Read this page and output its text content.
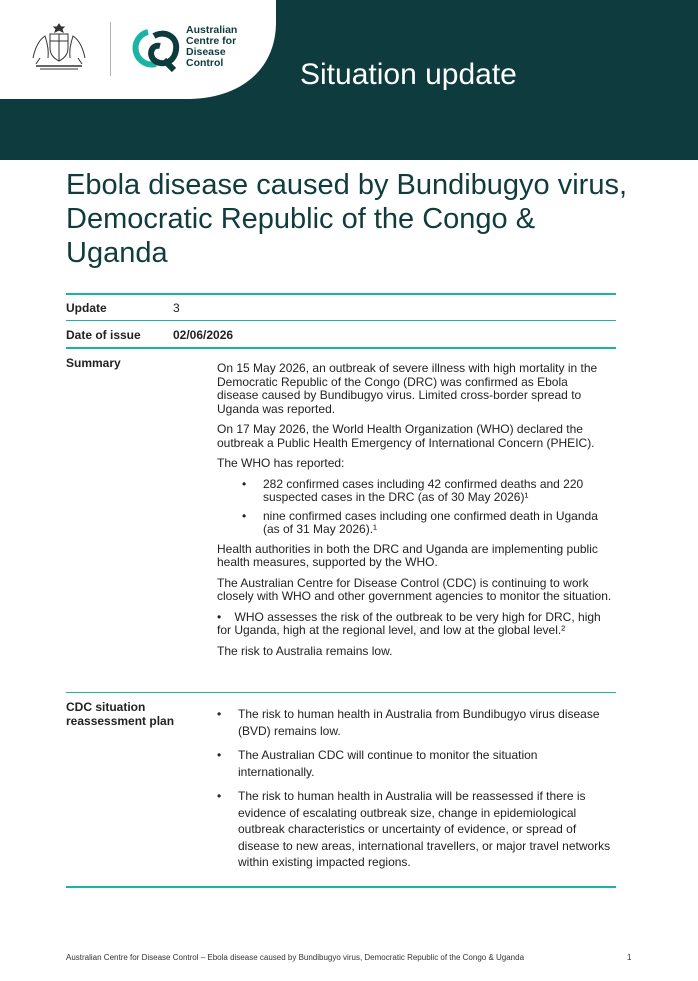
Australian
Centre for
Disease
Control	Situation update
Ebola disease caused by Bundibugyo virus, Democratic Republic of the Congo & Uganda
Update	3
Date of issue	02/06/2026
Summary	On 15 May 2026, an outbreak of severe illness with high mortality in the Democratic Republic of the Congo (DRC) was confirmed as Ebola disease caused by Bundibugyo virus. Limited cross-border spread to Uganda was reported.

On 17 May 2026, the World Health Organization (WHO) declared the outbreak a Public Health Emergency of International Concern (PHEIC).

The WHO has reported:

• 282 confirmed cases including 42 confirmed deaths and 220 suspected cases in the DRC (as of 30 May 2026)¹
• nine confirmed cases including one confirmed death in Uganda (as of 31 May 2026).¹

Health authorities in both the DRC and Uganda are implementing public health measures, supported by the WHO.

The Australian Centre for Disease Control (CDC) is continuing to work closely with WHO and other government agencies to monitor the situation.

• WHO assesses the risk of the outbreak to be very high for DRC, high for Uganda, high at the regional level, and low at the global level.²

The risk to Australia remains low.

CDC situation
reassessment plan	• The risk to human health in Australia from Bundibugyo virus disease (BVD) remains low.
• The Australian CDC will continue to monitor the situation internationally.
• The risk to human health in Australia will be reassessed if there is evidence of escalating outbreak size, change in epidemiological outbreak characteristics or uncertainty of evidence, or spread of disease to new areas, international travellers, or major travel networks within existing impacted regions.
Australian Centre for Disease Control – Ebola disease caused by Bundibugyo virus, Democratic Republic of the Congo & Uganda	1
